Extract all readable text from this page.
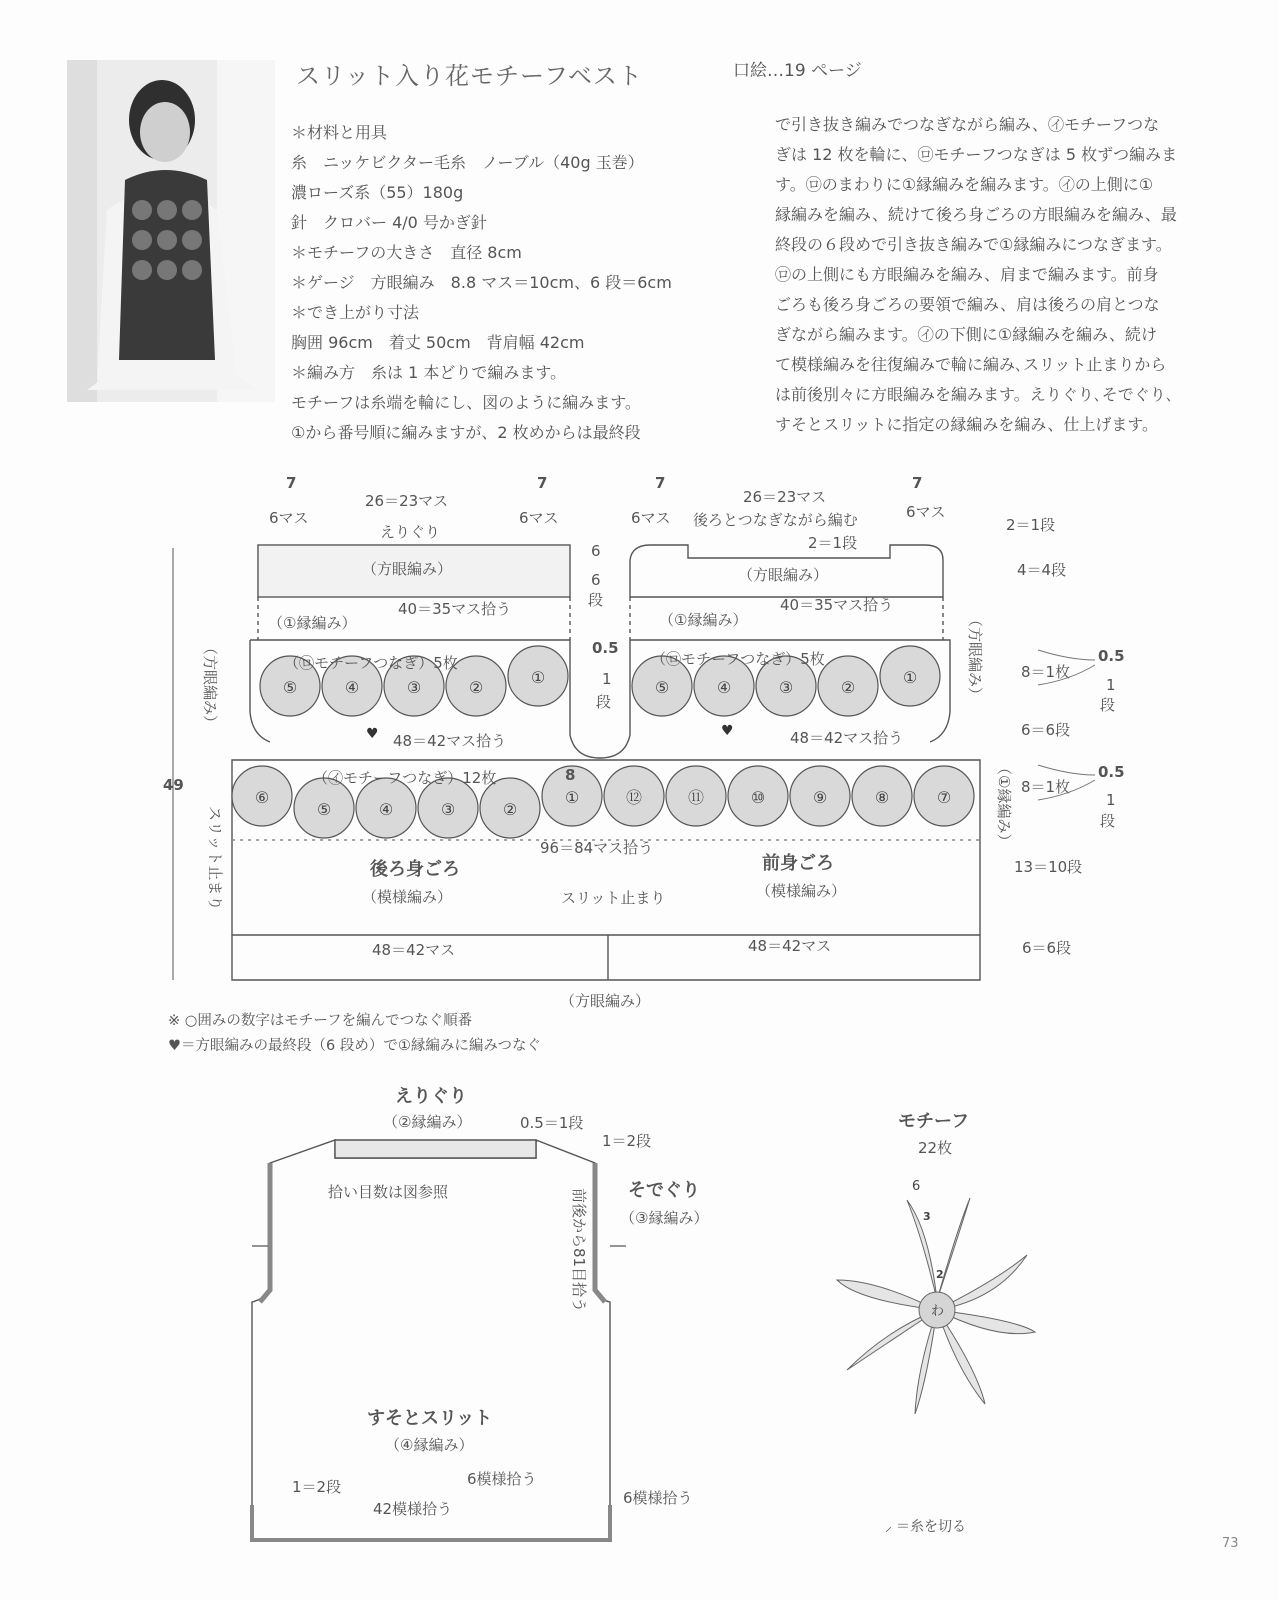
スリット入り花モチーフベスト	口絵…19 ページ
＊材料と用具
糸　ニッケビクター毛糸　ノーブル（40g 玉巻）
濃ローズ系（55）180g
針　クロバー 4/0 号かぎ針
＊モチーフの大きさ　直径 8cm
＊ゲージ　方眼編み　8.8 マス＝10cm、6 段＝6cm
＊でき上がり寸法
胸囲 96cm　着丈 50cm　背肩幅 42cm
＊編み方　糸は 1 本どりで編みます。
モチーフは糸端を輪にし、図のように編みます。
①から番号順に編みますが、2 枚めからは最終段
で引き抜き編みでつなぎながら編み、㋑モチーフつな
ぎは 12 枚を輪に、㋺モチーフつなぎは 5 枚ずつ編みま
す。㋺のまわりに①縁編みを編みます。㋑の上側に①
縁編みを編み、続けて後ろ身ごろの方眼編みを編み、最
終段の６段めで引き抜き編みで①縁編みにつなぎます。
㋺の上側にも方眼編みを編み、肩まで編みます。前身
ごろも後ろ身ごろの要領で編み、肩は後ろの肩とつな
ぎながら編みます。㋑の下側に①縁編みを編み、続け
て模様編みを往復編みで輪に編み､スリット止まりから
は前後別々に方眼編みを編みます。えりぐり､そでぐり､
すそとスリットに指定の縁編みを編み、仕上げます。
♥	♥
7
6マス
26＝23マス
7
6マス
えりぐり
（方眼編み）
6
6
段
7
6マス
26＝23マス
7
6マス
後ろとつなぎながら編む
2＝1段
（方眼編み）
40＝35マス拾う	40＝35マス拾う
（①縁編み）	（①縁編み）
0.5
1
段
（㋺モチーフつなぎ）5枚	（㋺モチーフつなぎ）5枚
48＝42マス拾う	48＝42マス拾う
49
8
（㋑モチーフつなぎ）12枚
96＝84マス拾う
後ろ身ごろ	前身ごろ
（模様編み）	（模様編み）
スリット止まり
48＝42マス	48＝42マス
（方眼編み）
（方眼編み）	（方眼編み）
（①縁編み）
スリット止まり
⑤	④	③	②
①
⑤	④	③	②
①
⑥	⑫	⑪	⑩	⑨	⑧	⑦
⑤	④	③	②
①
2＝1段
4＝4段
8＝1枚
0.5
1
段
6＝6段
8＝1枚
0.5
1
段
13＝10段
6＝6段
※ ○囲みの数字はモチーフを編んでつなぐ順番
♥＝方眼編みの最終段（6 段め）で①縁編みに編みつなぐ
えりぐり
（②縁編み）	0.5＝1段
1＝2段
拾い目数は図参照	そでぐり
（③縁編み）
前後から81目拾う
すそとスリット
（④縁編み）
1＝2段	6模様拾う
6模様拾う
42模様拾う
モチーフ
22枚
6
3
2
わ
⸝ ＝糸を切る
73
